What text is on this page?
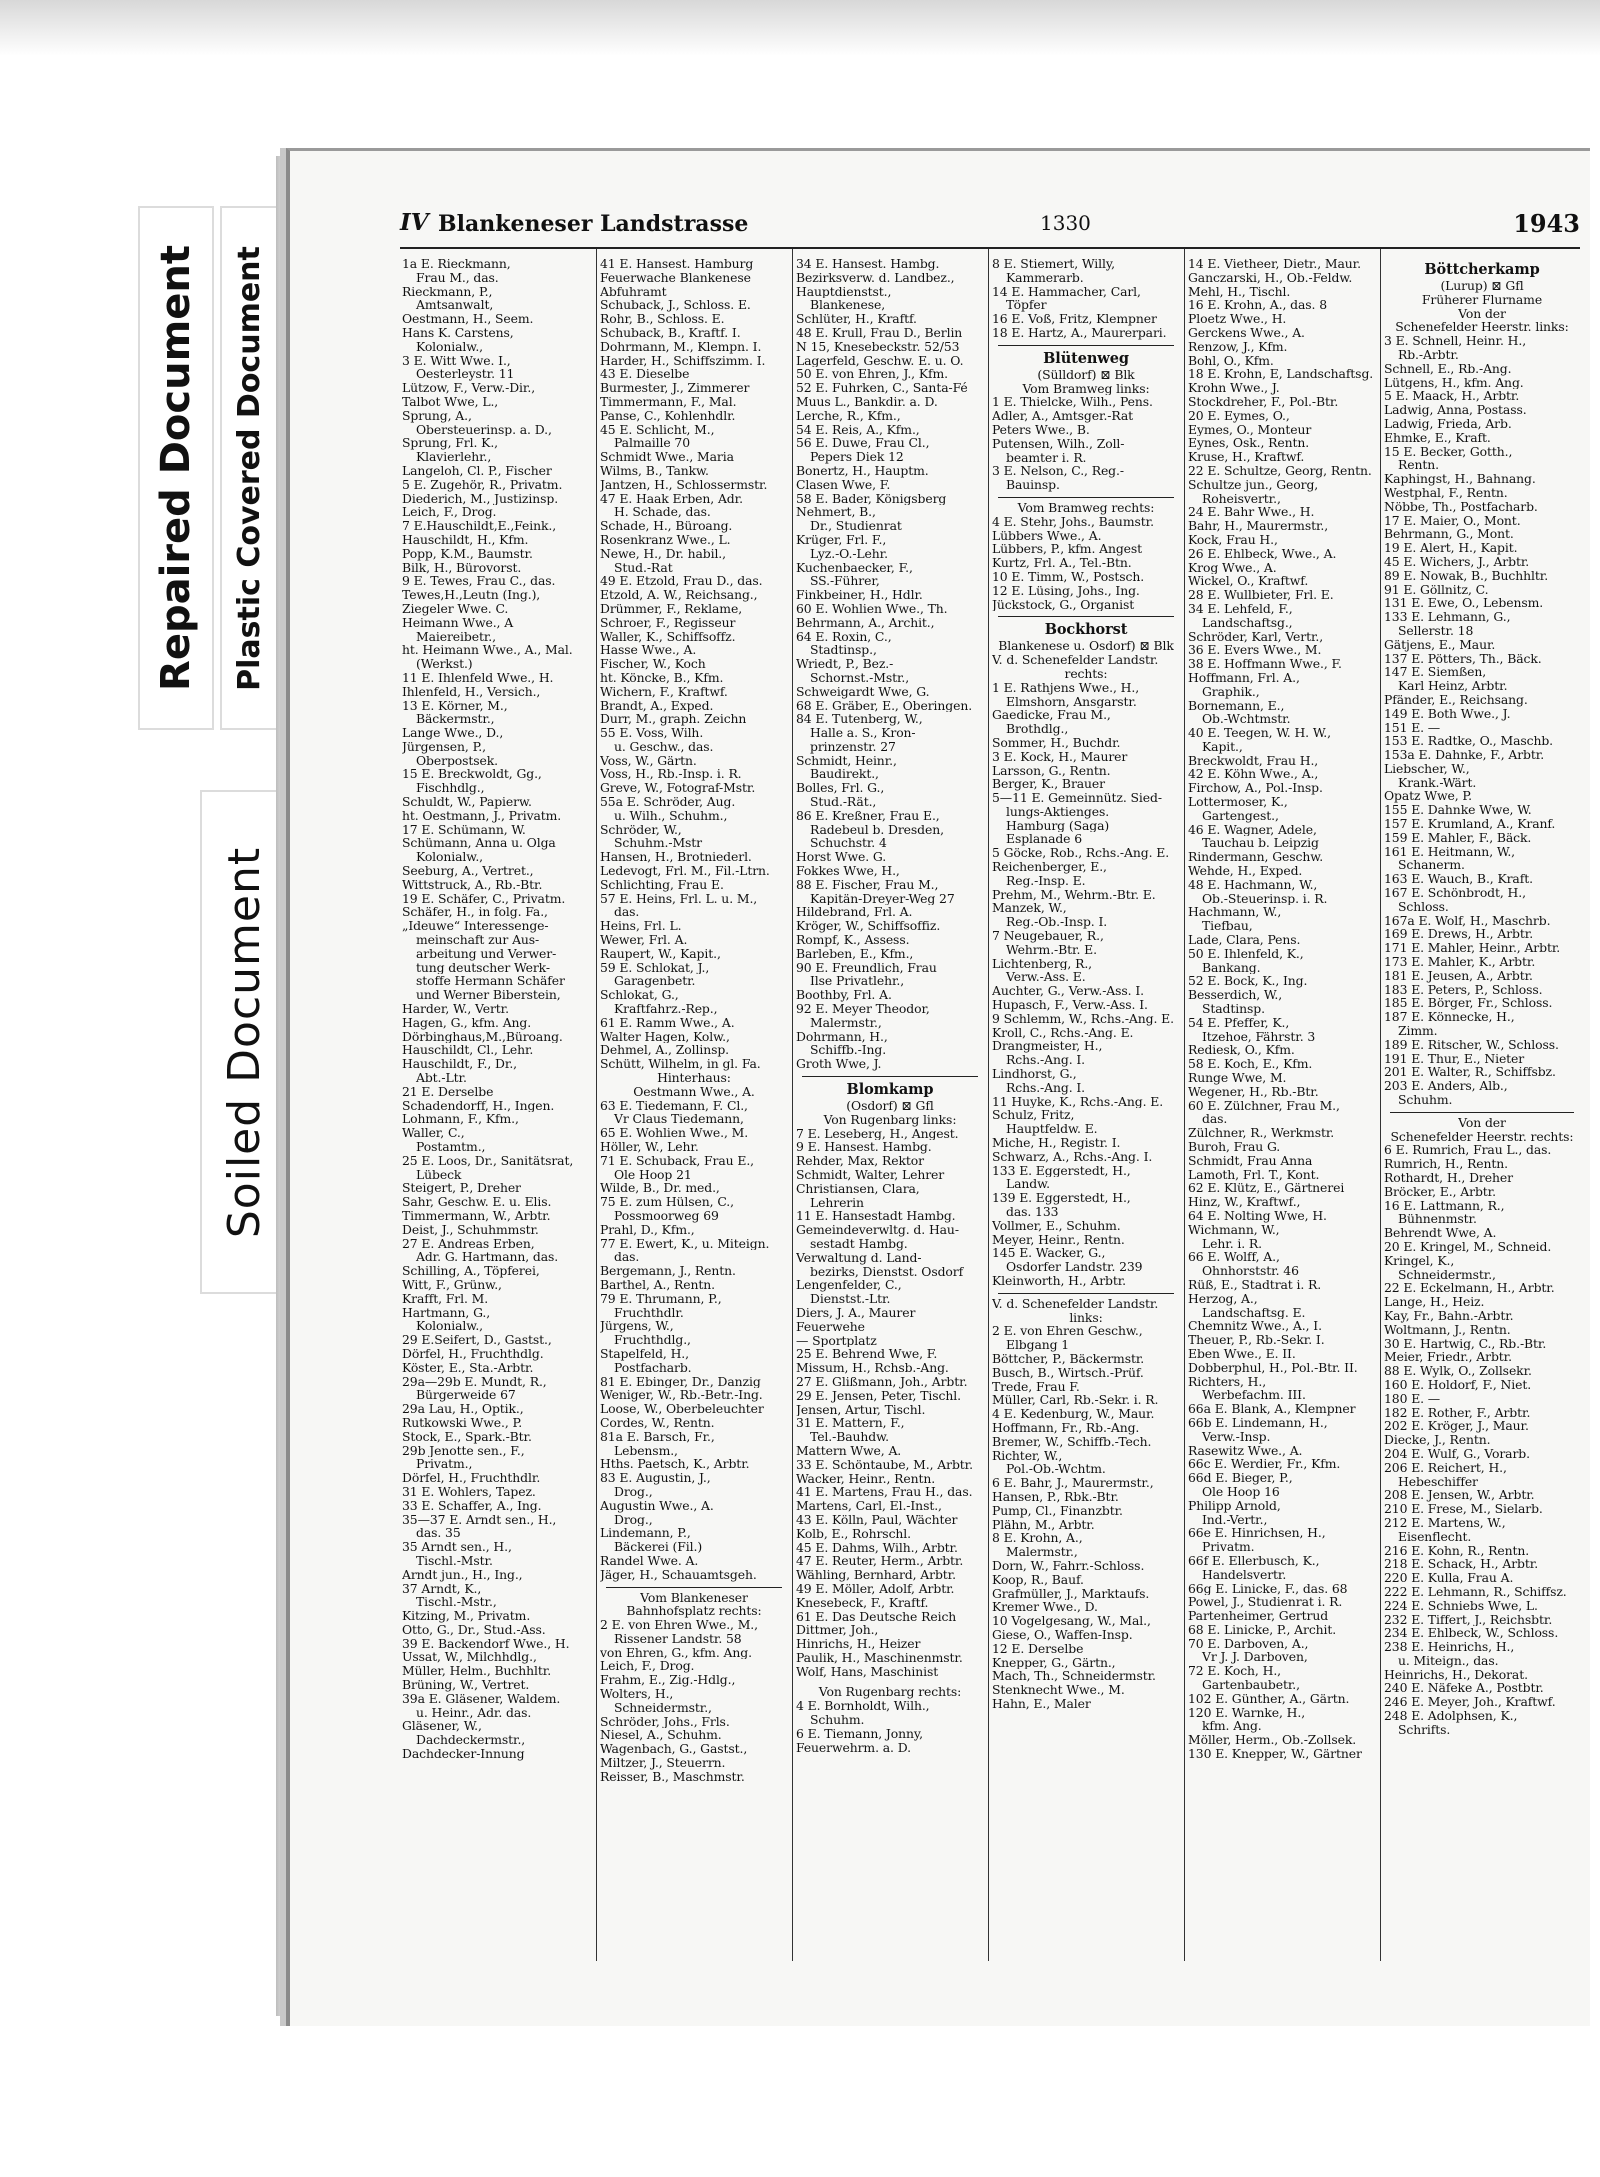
Repaired Document Plastic Covered Document
Soiled Document
IV Blankeneser Landstrasse	1330	1943
1a E. Rieckmann,
Frau M., das.
Rieckmann, P.,
Amtsanwalt,
Oestmann, H., Seem.
Hans K. Carstens,
Kolonialw.,
3 E. Witt Wwe. I.,
Oesterleystr. 11
Lützow, F., Verw.-Dir.,
Talbot Wwe, L.,
Sprung, A.,
Obersteuerinsp. a. D.,
Sprung, Frl. K.,
Klavierlehr.,
Langeloh, Cl. P., Fischer
5 E. Zugehör, R., Privatm.
Diederich, M., Justizinsp.
Leich, F., Drog.
7 E.Hauschildt,E.,Feink.,
Hauschildt, H., Kfm.
Popp, K.M., Baumstr.
Bilk, H., Bürovorst.
9 E. Tewes, Frau C., das.
Tewes,H.,Leutn (Ing.),
Ziegeler Wwe. C.
Heimann Wwe., A
Maiereibetr.,
ht. Heimann Wwe., A., Mal.
(Werkst.)
11 E. Ihlenfeld Wwe., H.
Ihlenfeld, H., Versich.,
13 E. Körner, M.,
Bäckermstr.,
Lange Wwe., D.,
Jürgensen, P.,
Oberpostsek.
15 E. Breckwoldt, Gg.,
Fischhdlg.,
Schuldt, W., Papierw.
ht. Oestmann, J., Privatm.
17 E. Schümann, W.
Schümann, Anna u. Olga
Kolonialw.,
Seeburg, A., Vertret.,
Wittstruck, A., Rb.-Btr.
19 E. Schäfer, C., Privatm.
Schäfer, H., in folg. Fa.,
„Ideuwe“ Interessenge-
meinschaft zur Aus-
arbeitung und Verwer-
tung deutscher Werk-
stoffe Hermann Schäfer
und Werner Biberstein,
Harder, W., Vertr.
Hagen, G., kfm. Ang.
Dörbinghaus,M.,Bürоang.
Hauschildt, Cl., Lehr.
Hauschildt, F., Dr.,
Abt.-Ltr.
21 E. Derselbe
Schadendorff, H., Ingen.
Lohmann, F., Kfm.,
Waller, C.,
Postamtm.,
25 E. Loos, Dr., Sanitätsrat,
Lübeck
Steigert, P., Dreher
Sahr, Geschw. E. u. Elis.
Timmermann, W., Arbtr.
Deist, J., Schuhmmstr.
27 E. Andreas Erben,
Adr. G. Hartmann, das.
Schilling, A., Töpferei,
Witt, F., Grünw.,
Krafft, Frl. M.
Hartmann, G.,
Kolonialw.,
29 E.Seifert, D., Gastst.,
Dörfel, H., Fruchthdlg.
Köster, E., Sta.-Arbtr.
29a—29b E. Mundt, R.,
Bürgerweide 67
29a Lau, H., Optik.,
Rutkowski Wwe., P.
Stock, E., Spark.-Btr.
29b Jenotte sen., F.,
Privatm.,
Dörfel, H., Fruchthdlr.
31 E. Wohlers, Tapez.
33 E. Schaffer, A., Ing.
35—37 E. Arndt sen., H.,
das. 35
35 Arndt sen., H.,
Tischl.-Mstr.
Arndt jun., H., Ing.,
37 Arndt, K.,
Tischl.-Mstr.,
Kitzing, M., Privatm.
Otto, G., Dr., Stud.-Ass.
39 E. Backendorf Wwe., H.
Ussat, W., Milchhdlg.,
Müller, Helm., Buchhltr.
Brüning, W., Vertret.
39a E. Gläsener, Waldem.
u. Heinr., Adr. das.
Gläsener, W.,
Dachdeckermstr.,
Dachdecker-Innung
41 E. Hansest. Hamburg
Feuerwache Blankenese
Abfuhramt
Schuback, J., Schloss. E.
Rohr, B., Schloss. E.
Schuback, B., Kraftf. I.
Dohrmann, M., Klempn. I.
Harder, H., Schiffszimm. I.
43 E. Dieselbe
Burmester, J., Zimmerer
Timmermann, F., Mal.
Panse, C., Kohlenhdlr.
45 E. Schlicht, M.,
Palmaille 70
Schmidt Wwe., Maria
Wilms, B., Tankw.
Jantzen, H., Schlossermstr.
47 E. Haak Erben, Adr.
H. Schade, das.
Schade, H., Büroang.
Rosenkranz Wwe., L.
Newe, H., Dr. habil.,
Stud.-Rat
49 E. Etzold, Frau D., das.
Etzold, A. W., Reichsang.,
Drümmer, F., Reklame,
Schroer, F., Regisseur
Waller, K., Schiffsoffz.
Hasse Wwe., A.
Fischer, W., Koch
ht. Köncke, B., Kfm.
Wichern, F., Kraftwf.
Brandt, A., Exped.
Durr, M., graph. Zeichn
55 E. Voss, Wilh.
u. Geschw., das.
Voss, W., Gärtn.
Voss, H., Rb.-Insp. i. R.
Greve, W., Fotograf-Mstr.
55a E. Schröder, Aug.
u. Wilh., Schuhm.,
Schröder, W.,
Schuhm.-Mstr
Hansen, H., Brotniederl.
Ledevogt, Frl. M., Fil.-Ltrn.
Schlichting, Frau E.
57 E. Heins, Frl. L. u. M.,
das.
Heins, Frl. L.
Wewer, Frl. A.
Raupert, W., Kapit.,
59 E. Schlokat, J.,
Garagenbetr.
Schlokat, G.,
Kraftfahrz.-Rep.,
61 E. Ramm Wwe., A.
Walter Hagen, Kolw.,
Dehmel, A., Zollinsp.
Schütt, Wilhelm, in gl. Fa.
Hinterhaus:
Oestmann Wwe., A.
63 E. Tiedemann, F. Cl.,
Vr Claus Tiedemann,
65 E. Wohlien Wwe., M.
Höller, W., Lehr.
71 E. Schuback, Frau E.,
Ole Hoop 21
Wilde, B., Dr. med.,
75 E. zum Hülsen, C.,
Possmoorweg 69
Prahl, D., Kfm.,
77 E. Ewert, K., u. Miteign.
das.
Bergemann, J., Rentn.
Barthel, A., Rentn.
79 E. Thrumann, P.,
Fruchthdlr.
Jürgens, W.,
Fruchthdlg.,
Stapelfeld, H.,
Postfacharb.
81 E. Ebinger, Dr., Danzig
Weniger, W., Rb.-Betr.-Ing.
Loose, W., Oberbeleuchter
Cordes, W., Rentn.
81a E. Barsch, Fr.,
Lebensm.,
Hths. Paetsch, K., Arbtr.
83 E. Augustin, J.,
Drog.,
Augustin Wwe., A.
Drog.,
Lindemann, P.,
Bäckerei (Fil.)
Randel Wwe. A.
Jäger, H., Schauamtsgeh.
Vom Blankeneser
Bahnhofsplatz rechts:
2 E. von Ehren Wwe., M.,
Rissener Landstr. 58
von Ehren, G., kfm. Ang.
Leich, F., Drog.
Frahm, E., Zig.-Hdlg.,
Wolters, H.,
Schneidermstr.,
Schröder, Johs., Frls.
Niesel, A., Schuhm.
Wagenbach, G., Gastst.,
Miltzer, J., Steuerrn.
Reisser, B., Maschmstr.
34 E. Hansest. Hambg.
Bezirksverw. d. Landbez.,
Hauptdienstst.,
Blankenese,
Schlüter, H., Kraftf.
48 E. Krull, Frau D., Berlin
N 15, Knesebeckstr. 52/53
Lagerfeld, Geschw. E. u. O.
50 E. von Ehren, J., Kfm.
52 E. Fuhrken, C., Santa-Fé
Muus L., Bankdir. a. D.
Lerche, R., Kfm.,
54 E. Reis, A., Kfm.,
56 E. Duwe, Frau Cl.,
Pepers Diek 12
Bonertz, H., Hauptm.
Clasen Wwe, F.
58 E. Bader, Königsberg
Nehmert, B.,
Dr., Studienrat
Krüger, Frl. F.,
Lyz.-O.-Lehr.
Kuchenbaecker, F.,
SS.-Führer,
Finkbeiner, H., Hdlr.
60 E. Wohlien Wwe., Th.
Behrmann, A., Archit.,
64 E. Roxin, C.,
Stadtinsp.,
Wriedt, P., Bez.-
Schornst.-Mstr.,
Schweigardt Wwe, G.
68 E. Gräber, E., Oberingen.
84 E. Tutenberg, W.,
Halle a. S., Kron-
prinzenstr. 27
Schmidt, Heinr.,
Baudirekt.,
Bolles, Frl. G.,
Stud.-Rät.,
86 E. Kreßner, Frau E.,
Radebeul b. Dresden,
Schuchstr. 4
Horst Wwe. G.
Fokkes Wwe, H.,
88 E. Fischer, Frau M.,
Kapitän-Dreyer-Weg 27
Hildebrand, Frl. A.
Kröger, W., Schiffsoffiz.
Rompf, K., Assess.
Barleben, E., Kfm.,
90 E. Freundlich, Frau
Ilse Privatlehr.,
Boothby, Frl. A.
92 E. Meyer Theodor,
Malermstr.,
Dohrmann, H.,
Schiffb.-Ing.
Groth Wwe, J.
Blomkamp
(Osdorf) ⊠ Gfl
Von Rugenbarg links:
7 E. Leseberg, H., Angest.
9 E. Hansest. Hambg.
Rehder, Max, Rektor
Schmidt, Walter, Lehrer
Christiansen, Clara,
Lehrerin
11 E. Hansestadt Hambg.
Gemeindeverwltg. d. Hau-
sestadt Hambg.
Verwaltung d. Land-
bezirks, Dienstst. Osdorf
Lengenfelder, C.,
Dienstst.-Ltr.
Diers, J. A., Maurer
Feuerwehe
— Sportplatz
25 E. Behrend Wwe, F.
Missum, H., Rchsb.-Ang.
27 E. Glißmann, Joh., Arbtr.
29 E. Jensen, Peter, Tischl.
Jensen, Artur, Tischl.
31 E. Mattern, F.,
Tel.-Bauhdw.
Mattern Wwe, A.
33 E. Schöntaube, M., Arbtr.
Wacker, Heinr., Rentn.
41 E. Martens, Frau H., das.
Martens, Carl, El.-Inst.,
43 E. Kölln, Paul, Wächter
Kolb, E., Rohrschl.
45 E. Dahms, Wilh., Arbtr.
47 E. Reuter, Herm., Arbtr.
Wähling, Bernhard, Arbtr.
49 E. Möller, Adolf, Arbtr.
Knesebeck, F., Kraftf.
61 E. Das Deutsche Reich
Dittmer, Joh.,
Hinrichs, H., Heizer
Paulik, H., Maschinenmstr.
Wolf, Hans, Maschinist
Von Rugenbarg rechts:
4 E. Bornholdt, Wilh.,
Schuhm.
6 E. Tiemann, Jonny,
Feuerwehrm. a. D.
8 E. Stiemert, Willy,
Kammerarb.
14 E. Hammacher, Carl,
Töpfer
16 E. Voß, Fritz, Klempner
18 E. Hartz, A., Maurerpari.
Blütenweg
(Sülldorf) ⊠ Blk
Vom Bramweg links:
1 E. Thielcke, Wilh., Pens.
Adler, A., Amtsger.-Rat
Peters Wwe., B.
Putensen, Wilh., Zoll-
beamter i. R.
3 E. Nelson, C., Reg.-
Bauinsp.
Vom Bramweg rechts:
4 E. Stehr, Johs., Baumstr.
Lübbers Wwe., A.
Lübbers, P., kfm. Angest
Kurtz, Frl. A., Tel.-Btn.
10 E. Timm, W., Postsch.
12 E. Lüsing, Johs., Ing.
Jückstock, G., Organist
Bockhorst
Blankenese u. Osdorf) ⊠ Blk
V. d. Schenefelder Landstr.
rechts:
1 E. Rathjens Wwe., H.,
Elmshorn, Ansgarstr.
Gaedicke, Frau M.,
Brothdlg.,
Sommer, H., Buchdr.
3 E. Kock, H., Maurer
Larsson, G., Rentn.
Berger, K., Brauer
5—11 E. Gemeinnütz. Sied-
lungs-Aktienges.
Hamburg (Saga)
Esplanade 6
5 Göcke, Rob., Rchs.-Ang. E.
Reichenberger, E.,
Reg.-Insp. E.
Prehm, M., Wehrm.-Btr. E.
Manzek, W.,
Reg.-Ob.-Insp. I.
7 Neugebauer, R.,
Wehrm.-Btr. E.
Lichtenberg, R.,
Verw.-Ass. E.
Auchter, G., Verw.-Ass. I.
Hupasch, F., Verw.-Ass. I.
9 Schlemm, W., Rchs.-Ang. E.
Kroll, C., Rchs.-Ang. E.
Drangmeister, H.,
Rchs.-Ang. I.
Lindhorst, G.,
Rchs.-Ang. I.
11 Huyke, K., Rchs.-Ang. E.
Schulz, Fritz,
Hauptfeldw. E.
Miche, H., Registr. I.
Schwarz, A., Rchs.-Ang. I.
133 E. Eggerstedt, H.,
Landw.
139 E. Eggerstedt, H.,
das. 133
Vollmer, E., Schuhm.
Meyer, Heinr., Rentn.
145 E. Wacker, G.,
Osdorfer Landstr. 239
Kleinworth, H., Arbtr.
V. d. Schenefelder Landstr.
links:
2 E. von Ehren Geschw.,
Elbgang 1
Böttcher, P., Bäckermstr.
Busch, B., Wirtsch.-Prüf.
Trede, Frau F.
Müller, Carl, Rb.-Sekr. i. R.
4 E. Kedenburg, W., Maur.
Hoffmann, Fr., Rb.-Ang.
Bremer, W., Schiffb.-Tech.
Richter, W.,
Pol.-Ob.-Wchtm.
6 E. Bahr, J., Maurermstr.,
Hansen, P., Rbk.-Btr.
Pump, Cl., Finanzbtr.
Plähn, M., Arbtr.
8 E. Krohn, A.,
Malermstr.,
Dorn, W., Fahrr.-Schloss.
Koop, R., Bauf.
Grafmüller, J., Marktaufs.
Kremer Wwe., D.
10 Vogelgesang, W., Mal.,
Giese, O., Waffen-Insp.
12 E. Derselbe
Knepper, G., Gärtn.,
Mach, Th., Schneidermstr.
Stenknecht Wwe., M.
Hahn, E., Maler
14 E. Vietheer, Dietr., Maur.
Ganczarski, H., Ob.-Feldw.
Mehl, H., Tischl.
16 E. Krohn, A., das. 8
Ploetz Wwe., H.
Gerckens Wwe., A.
Renzow, J., Kfm.
Bohl, O., Kfm.
18 E. Krohn, E, Landschaftsg.
Krohn Wwe., J.
Stockdreher, F., Pol.-Btr.
20 E. Eymes, O.,
Eymes, O., Monteur
Eynes, Osk., Rentn.
Kruse, H., Kraftwf.
22 E. Schultze, Georg, Rentn.
Schultze jun., Georg,
Roheisvertr.,
24 E. Bahr Wwe., H.
Bahr, H., Maurermstr.,
Kock, Frau H.,
26 E. Ehlbeck, Wwe., A.
Krog Wwe., A.
Wickel, O., Kraftwf.
28 E. Wullbieter, Frl. E.
34 E. Lehfeld, F.,
Landschaftsg.,
Schröder, Karl, Vertr.,
36 E. Evers Wwe., M.
38 E. Hoffmann Wwe., F.
Hoffmann, Frl. A.,
Graphik.,
Bornemann, E.,
Ob.-Wchtmstr.
40 E. Teegen, W. H. W.,
Kapit.,
Breckwoldt, Frau H.,
42 E. Köhn Wwe., A.,
Firchow, A., Pol.-Insp.
Lottermoser, K.,
Gartengest.,
46 E. Wagner, Adele,
Tauchau b. Leipzig
Rindermann, Geschw.
Wehde, H., Exped.
48 E. Hachmann, W.,
Ob.-Steuerinsp. i. R.
Hachmann, W.,
Tiefbau,
Lade, Clara, Pens.
50 E. Ihlenfeld, K.,
Bankang.
52 E. Bock, K., Ing.
Besserdich, W.,
Stadtinsp.
54 E. Pfeffer, K.,
Itzehoe, Fährstr. 3
Rediesk, O., Kfm.
58 E. Koch, E., Kfm.
Runge Wwe, M.
Wegener, H., Rb.-Btr.
60 E. Zülchner, Frau M.,
das.
Zülchner, R., Werkmstr.
Buroh, Frau G.
Schmidt, Frau Anna
Lamoth, Frl. T., Kont.
62 E. Klütz, E., Gärtnerei
Hinz, W., Kraftwf.,
64 E. Nolting Wwe, H.
Wichmann, W.,
Lehr. i. R.
66 E. Wolff, A.,
Ohnhorststr. 46
Rüß, E., Stadtrat i. R.
Herzog, A.,
Landschaftsg. E.
Chemnitz Wwe., A., I.
Theuer, P., Rb.-Sekr. I.
Eben Wwe., E. II.
Dobberphul, H., Pol.-Btr. II.
Richters, H.,
Werbefachm. III.
66a E. Blank, A., Klempner
66b E. Lindemann, H.,
Verw.-Insp.
Rasewitz Wwe., A.
66c E. Werdier, Fr., Kfm.
66d E. Bieger, P.,
Ole Hoop 16
Philipp Arnold,
Ind.-Vertr.,
66e E. Hinrichsen, H.,
Privatm.
66f E. Ellerbusch, K.,
Handelsvertr.
66g E. Linicke, F., das. 68
Powel, J., Studienrat i. R.
Partenheimer, Gertrud
68 E. Linicke, P., Archit.
70 E. Darboven, A.,
Vr J. J. Darboven,
72 E. Koch, H.,
Gartenbaubetr.,
102 E. Günther, A., Gärtn.
120 E. Warnke, H.,
kfm. Ang.
Möller, Herm., Ob.-Zollsek.
130 E. Knepper, W., Gärtner
Böttcherkamp
(Lurup) ⊠ Gfl
Früherer Flurname
Von der
Schenefelder Heerstr. links:
3 E. Schnell, Heinr. H.,
Rb.-Arbtr.
Schnell, E., Rb.-Ang.
Lütgens, H., kfm. Ang.
5 E. Maack, H., Arbtr.
Ladwig, Anna, Postass.
Ladwig, Frieda, Arb.
Ehmke, E., Kraft.
15 E. Becker, Gotth.,
Rentn.
Kaphingst, H., Bahnang.
Westphal, F., Rentn.
Nöbbe, Th., Postfacharb.
17 E. Maier, O., Mont.
Behrmann, G., Mont.
19 E. Alert, H., Kapit.
45 E. Wichers, J., Arbtr.
89 E. Nowak, B., Buchhltr.
91 E. Göllnitz, C.
131 E. Ewe, O., Lebensm.
133 E. Lehmann, G.,
Sellerstr. 18
Gätjens, E., Maur.
137 E. Pötters, Th., Bäck.
147 E. Siemßen,
Karl Heinz, Arbtr.
Pfänder, E., Reichsang.
149 E. Both Wwe., J.
151 E. —
153 E. Radtke, O., Maschb.
153a E. Dahnke, F., Arbtr.
Liebscher, W.,
Krank.-Wärt.
Opatz Wwe, P.
155 E. Dahnke Wwe, W.
157 E. Krumland, A., Kranf.
159 E. Mahler, F., Bäck.
161 E. Heitmann, W.,
Schanerm.
163 E. Wauch, B., Kraft.
167 E. Schönbrodt, H.,
Schloss.
167a E. Wolf, H., Maschrb.
169 E. Drews, H., Arbtr.
171 E. Mahler, Heinr., Arbtr.
173 E. Mahler, K., Arbtr.
181 E. Jeusen, A., Arbtr.
183 E. Peters, P., Schloss.
185 E. Börger, Fr., Schloss.
187 E. Könnecke, H.,
Zimm.
189 E. Ritscher, W., Schloss.
191 E. Thur, E., Nieter
201 E. Walter, R., Schiffsbz.
203 E. Anders, Alb.,
Schuhm.
Von der
Schenefelder Heerstr. rechts:
6 E. Rumrich, Frau L., das.
Rumrich, H., Rentn.
Rothardt, H., Dreher
Bröcker, E., Arbtr.
16 E. Lattmann, R.,
Bühnenmstr.
Behrendt Wwe, A.
20 E. Kringel, M., Schneid.
Kringel, K.,
Schneidermstr.,
22 E. Eckelmann, H., Arbtr.
Lange, H., Heiz.
Kay, Fr., Bahn.-Arbtr.
Woltmann, J., Rentn.
30 E. Hartwig, C., Rb.-Btr.
Meier, Friedr., Arbtr.
88 E. Wylk, O., Zollsekr.
160 E. Holdorf, F., Niet.
180 E. —
182 E. Rother, F., Arbtr.
202 E. Kröger, J., Maur.
Diecke, J., Rentn.
204 E. Wulf, G., Vorarb.
206 E. Reichert, H.,
Hebeschiffer
208 E. Jensen, W., Arbtr.
210 E. Frese, M., Sielarb.
212 E. Martens, W.,
Eisenflecht.
216 E. Kohn, R., Rentn.
218 E. Schack, H., Arbtr.
220 E. Kulla, Frau A.
222 E. Lehmann, R., Schiffsz.
224 E. Schniebs Wwe, L.
232 E. Tiffert, J., Reichsbtr.
234 E. Ehlbeck, W., Schloss.
238 E. Heinrichs, H.,
u. Miteign., das.
Heinrichs, H., Dekorat.
240 E. Näfeke A., Postbtr.
246 E. Meyer, Joh., Kraftwf.
248 E. Adolphsen, K.,
Schrifts.
